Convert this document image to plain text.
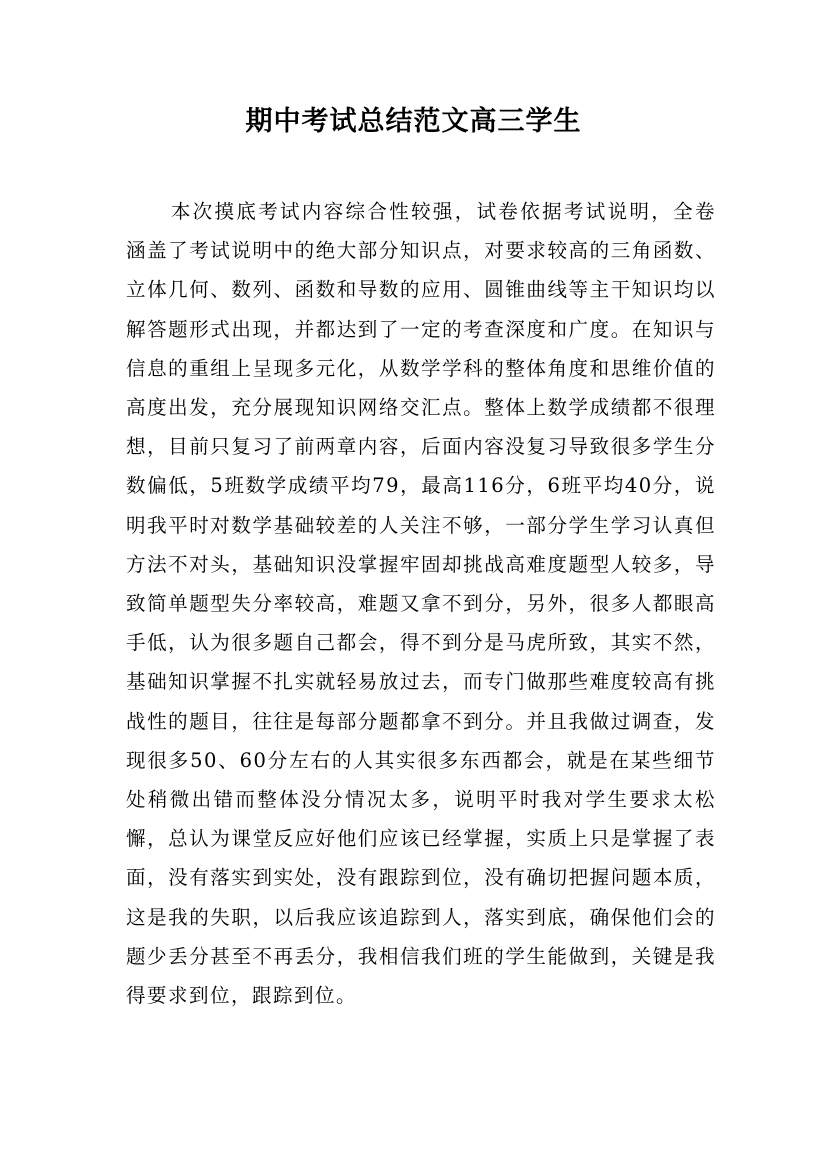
期中考试总结范文高三学生

本次摸底考试内容综合性较强，试卷依据考试说明，全卷涵盖了考试说明中的绝大部分知识点，对要求较高的三角函数、立体几何、数列、函数和导数的应用、圆锥曲线等主干知识均以解答题形式出现，并都达到了一定的考查深度和广度。在知识与信息的重组上呈现多元化，从数学学科的整体角度和思维价值的高度出发，充分展现知识网络交汇点。整体上数学成绩都不很理想，目前只复习了前两章内容，后面内容没复习导致很多学生分数偏低，5班数学成绩平均79，最高116分，6班平均40分，说明我平时对数学基础较差的人关注不够，一部分学生学习认真但方法不对头，基础知识没掌握牢固却挑战高难度题型人较多，导致简单题型失分率较高，难题又拿不到分，另外，很多人都眼高手低，认为很多题自己都会，得不到分是马虎所致，其实不然，基础知识掌握不扎实就轻易放过去，而专门做那些难度较高有挑战性的题目，往往是每部分题都拿不到分。并且我做过调查，发现很多50、60分左右的人其实很多东西都会，就是在某些细节处稍微出错而整体没分情况太多，说明平时我对学生要求太松懈，总认为课堂反应好他们应该已经掌握，实质上只是掌握了表面，没有落实到实处，没有跟踪到位，没有确切把握问题本质，这是我的失职，以后我应该追踪到人，落实到底，确保他们会的题少丢分甚至不再丢分，我相信我们班的学生能做到，关键是我得要求到位，跟踪到位。
